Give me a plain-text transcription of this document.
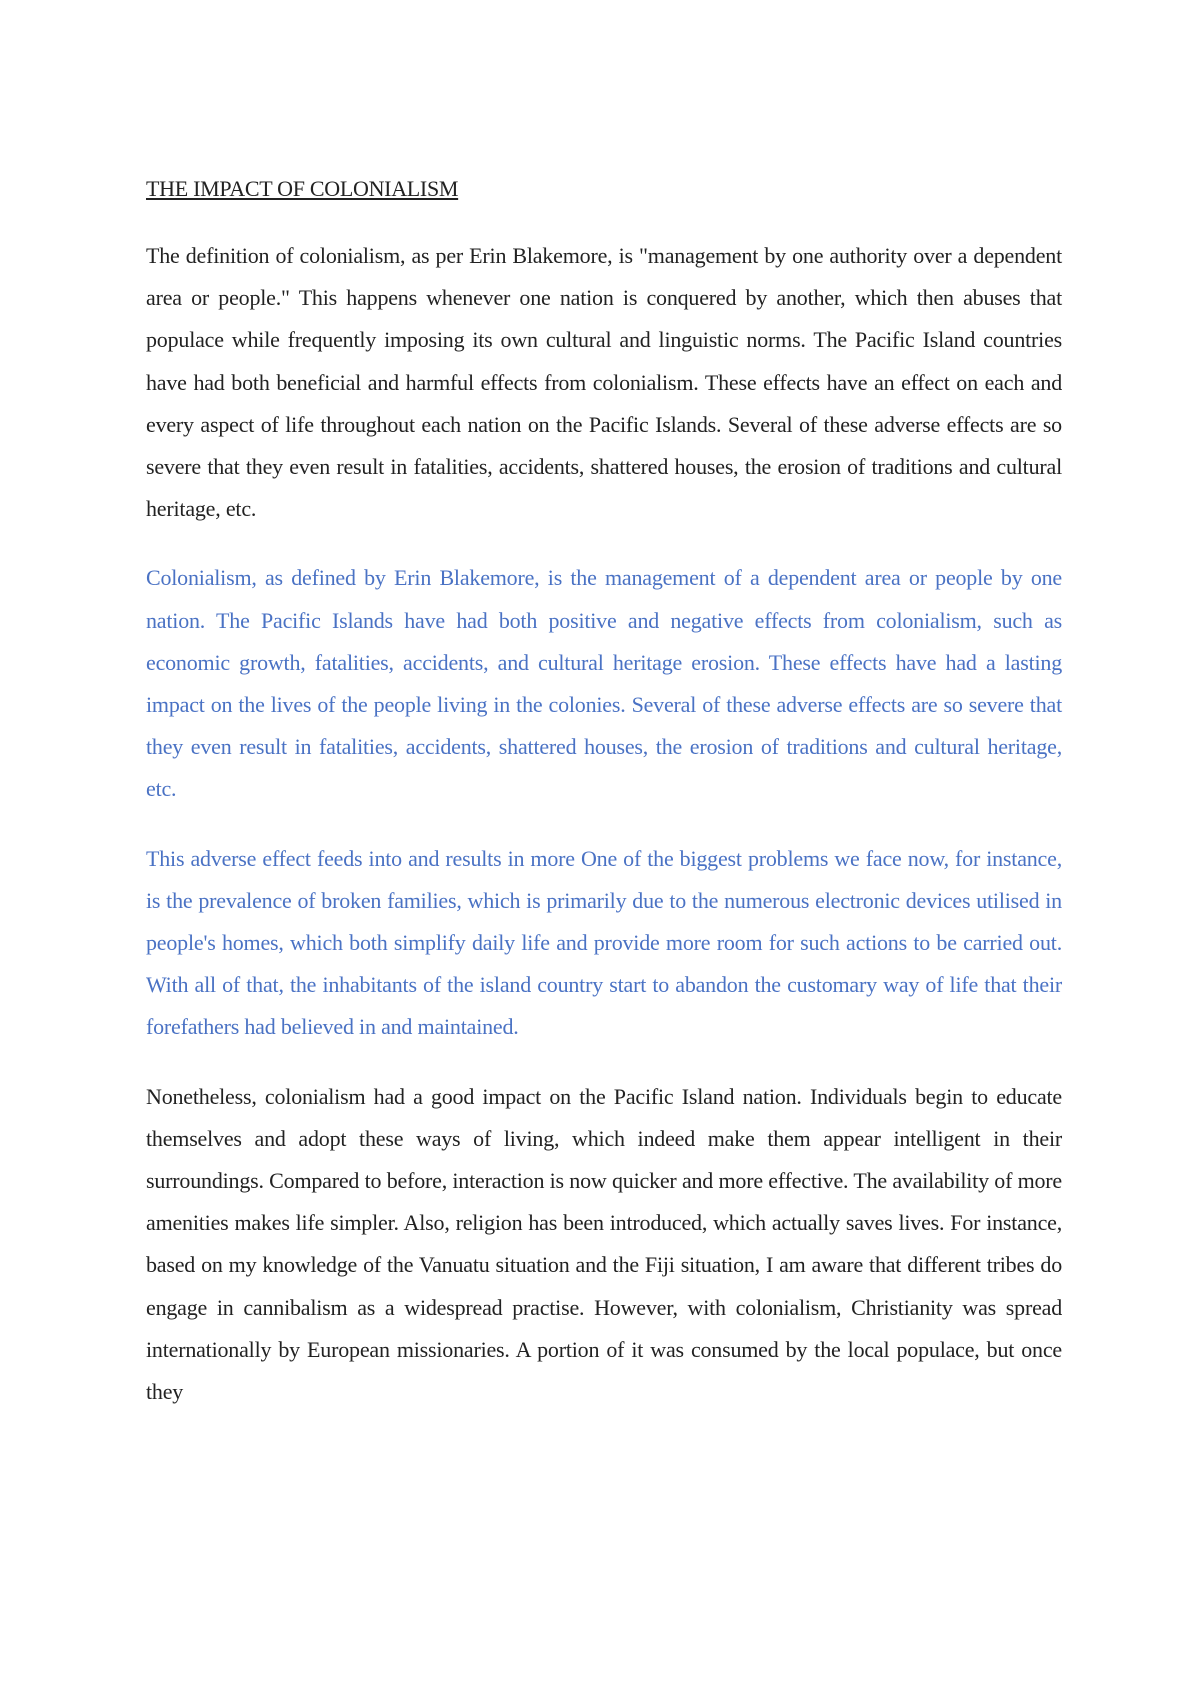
THE IMPACT OF COLONIALISM

The definition of colonialism, as per Erin Blakemore, is "management by one authority over a dependent area or people." This happens whenever one nation is conquered by another, which then abuses that populace while frequently imposing its own cultural and linguistic norms. The Pacific Island countries have had both beneficial and harmful effects from colonialism. These effects have an effect on each and every aspect of life throughout each nation on the Pacific Islands. Several of these adverse effects are so severe that they even result in fatalities, accidents, shattered houses, the erosion of traditions and cultural heritage, etc.

Colonialism, as defined by Erin Blakemore, is the management of a dependent area or people by one nation. The Pacific Islands have had both positive and negative effects from colonialism, such as economic growth, fatalities, accidents, and cultural heritage erosion. These effects have had a lasting impact on the lives of the people living in the colonies. Several of these adverse effects are so severe that they even result in fatalities, accidents, shattered houses, the erosion of traditions and cultural heritage, etc.

This adverse effect feeds into and results in more One of the biggest problems we face now, for instance, is the prevalence of broken families, which is primarily due to the numerous electronic devices utilised in people's homes, which both simplify daily life and provide more room for such actions to be carried out. With all of that, the inhabitants of the island country start to abandon the customary way of life that their forefathers had believed in and maintained.

Nonetheless, colonialism had a good impact on the Pacific Island nation. Individuals begin to educate themselves and adopt these ways of living, which indeed make them appear intelligent in their surroundings. Compared to before, interaction is now quicker and more effective. The availability of more amenities makes life simpler. Also, religion has been introduced, which actually saves lives. For instance, based on my knowledge of the Vanuatu situation and the Fiji situation, I am aware that different tribes do engage in cannibalism as a widespread practise. However, with colonialism, Christianity was spread internationally by European missionaries. A portion of it was consumed by the local populace, but once they
